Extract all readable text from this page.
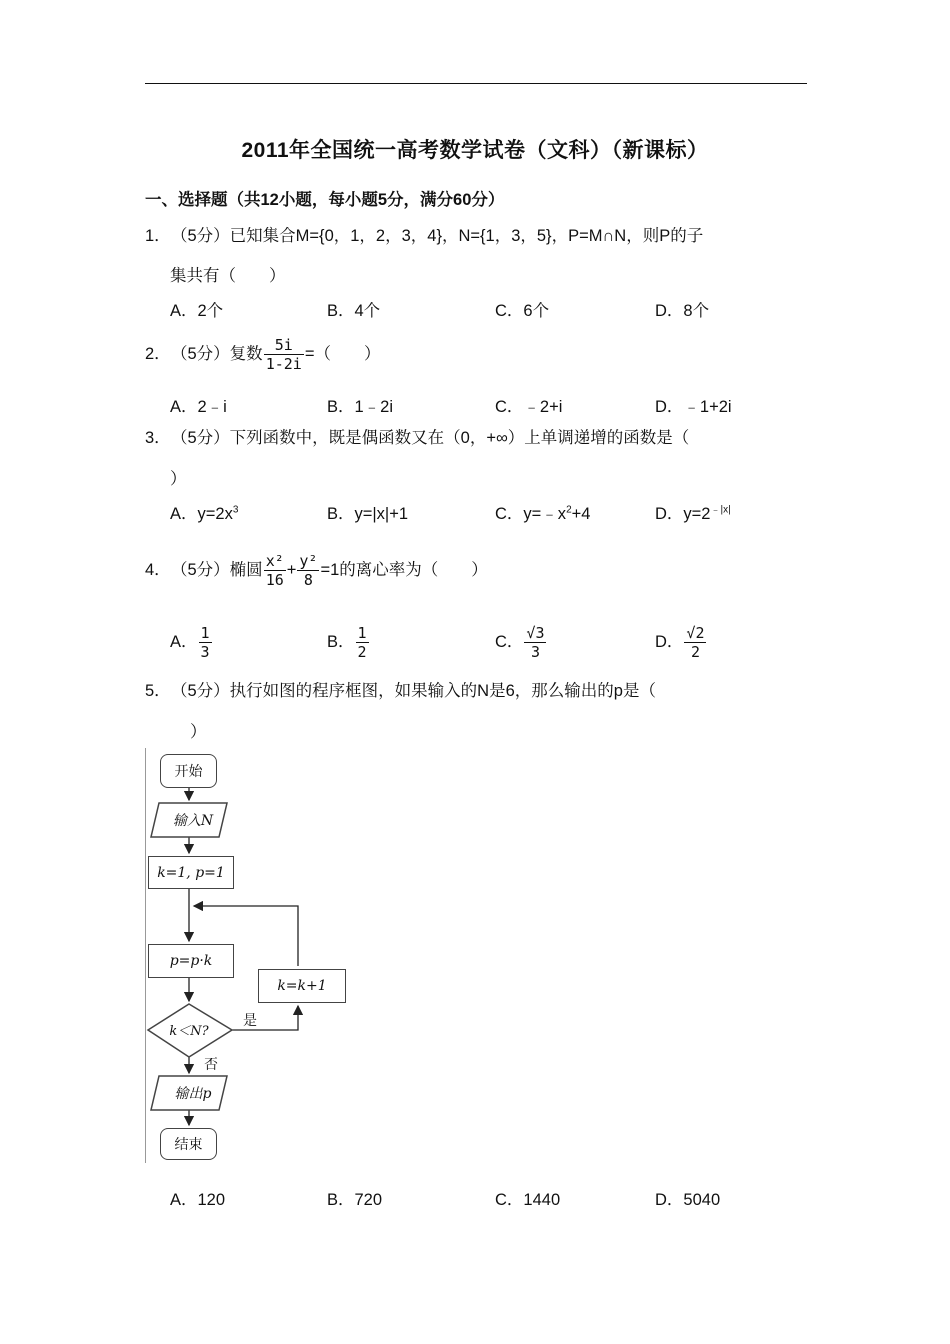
2011年全国统一高考数学试卷（文科）（新课标）
一、选择题（共12小题，每小题5分，满分60分）
1．（5分）已知集合M={0，1，2，3，4}，N={1，3，5}，P=M∩N，则P的子
集共有（　　）
A．2个	B．4个	C．6个	D．8个
2．（5分）复数 $\frac{5i}{1-2i}$ =（　　）
A．2﹣i	B．1﹣2i	C．﹣2+i	D．﹣1+2i
3．（5分）下列函数中，既是偶函数又在（0，+∞）上单调递增的函数是（
）
A．$y=2x^3$	B．y=|x|+1	C．$y=﹣x^2+4$	D．$y=2^{﹣|x|}$
4．（5分）椭圆 $\frac{\text{x²}}{16} + \frac{\text{y²}}{8} =1$的离心率为（　　）
A． $\frac{1}{3}$	B． $\frac{1}{2}$	C． $\frac{√3}{3}$	D． $\frac{√2}{2}$
5．（5分）执行如图的程序框图，如果输入的N是6，那么输出的p是（
）
开始
输入N
k=1, p=1
p=p·k
k=k+1
k＜N?
是
否
输出p
结束
A．120	B．720	C．1440	D．5040
